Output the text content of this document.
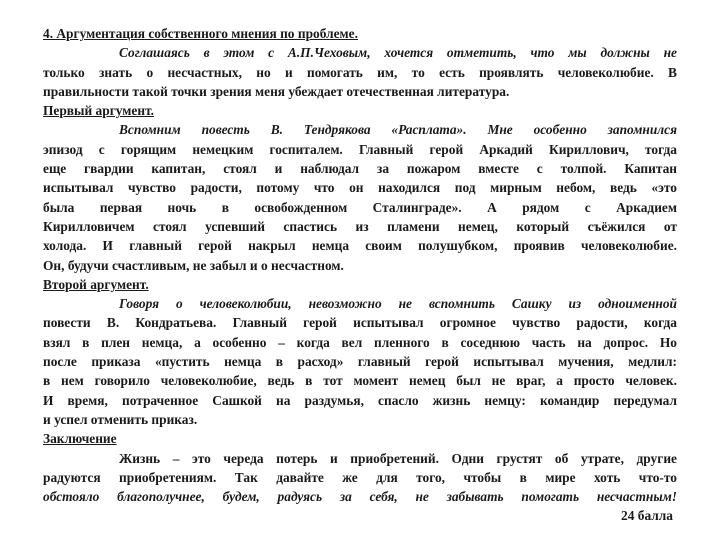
4. Аргументация собственного мнения по проблеме.
Соглашаясь в этом с А.П.Чеховым, хочется отметить, что мы должны не
только знать о несчастных, но и помогать им, то есть проявлять человеколюбие. В
правильности такой точки зрения меня убеждает отечественная литература.
Первый аргумент.
Вспомним повесть В. Тендрякова «Расплата». Мне особенно запомнился
эпизод с горящим немецким госпиталем. Главный герой Аркадий Кириллович, тогда
еще гвардии капитан, стоял и наблюдал за пожаром вместе с толпой. Капитан
испытывал чувство радости, потому что он находился под мирным небом, ведь «это
была первая ночь в освобожденном Сталинграде». А рядом с Аркадием
Кирилловичем стоял успевший спастись из пламени немец, который съёжился от
холода. И главный герой накрыл немца своим полушубком, проявив человеколюбие.
Он, будучи счастливым, не забыл и о несчастном.
Второй аргумент.
Говоря о человеколюбии, невозможно не вспомнить Сашку из одноименной
повести В. Кондратьева. Главный герой испытывал огромное чувство радости, когда
взял в плен немца, а особенно – когда вел пленного в соседнюю часть на допрос. Но
после приказа «пустить немца в расход» главный герой испытывал мучения, медлил:
в нем говорило человеколюбие, ведь в тот момент немец был не враг, а просто человек.
И время, потраченное Сашкой на раздумья, спасло жизнь немцу: командир передумал
и успел отменить приказ.
Заключение
Жизнь – это череда потерь и приобретений. Одни грустят об утрате, другие
радуются приобретениям. Так давайте же для того, чтобы в мире хоть что-то
обстояло благополучнее, будем, радуясь за себя, не забывать помогать несчастным!
24 балла
